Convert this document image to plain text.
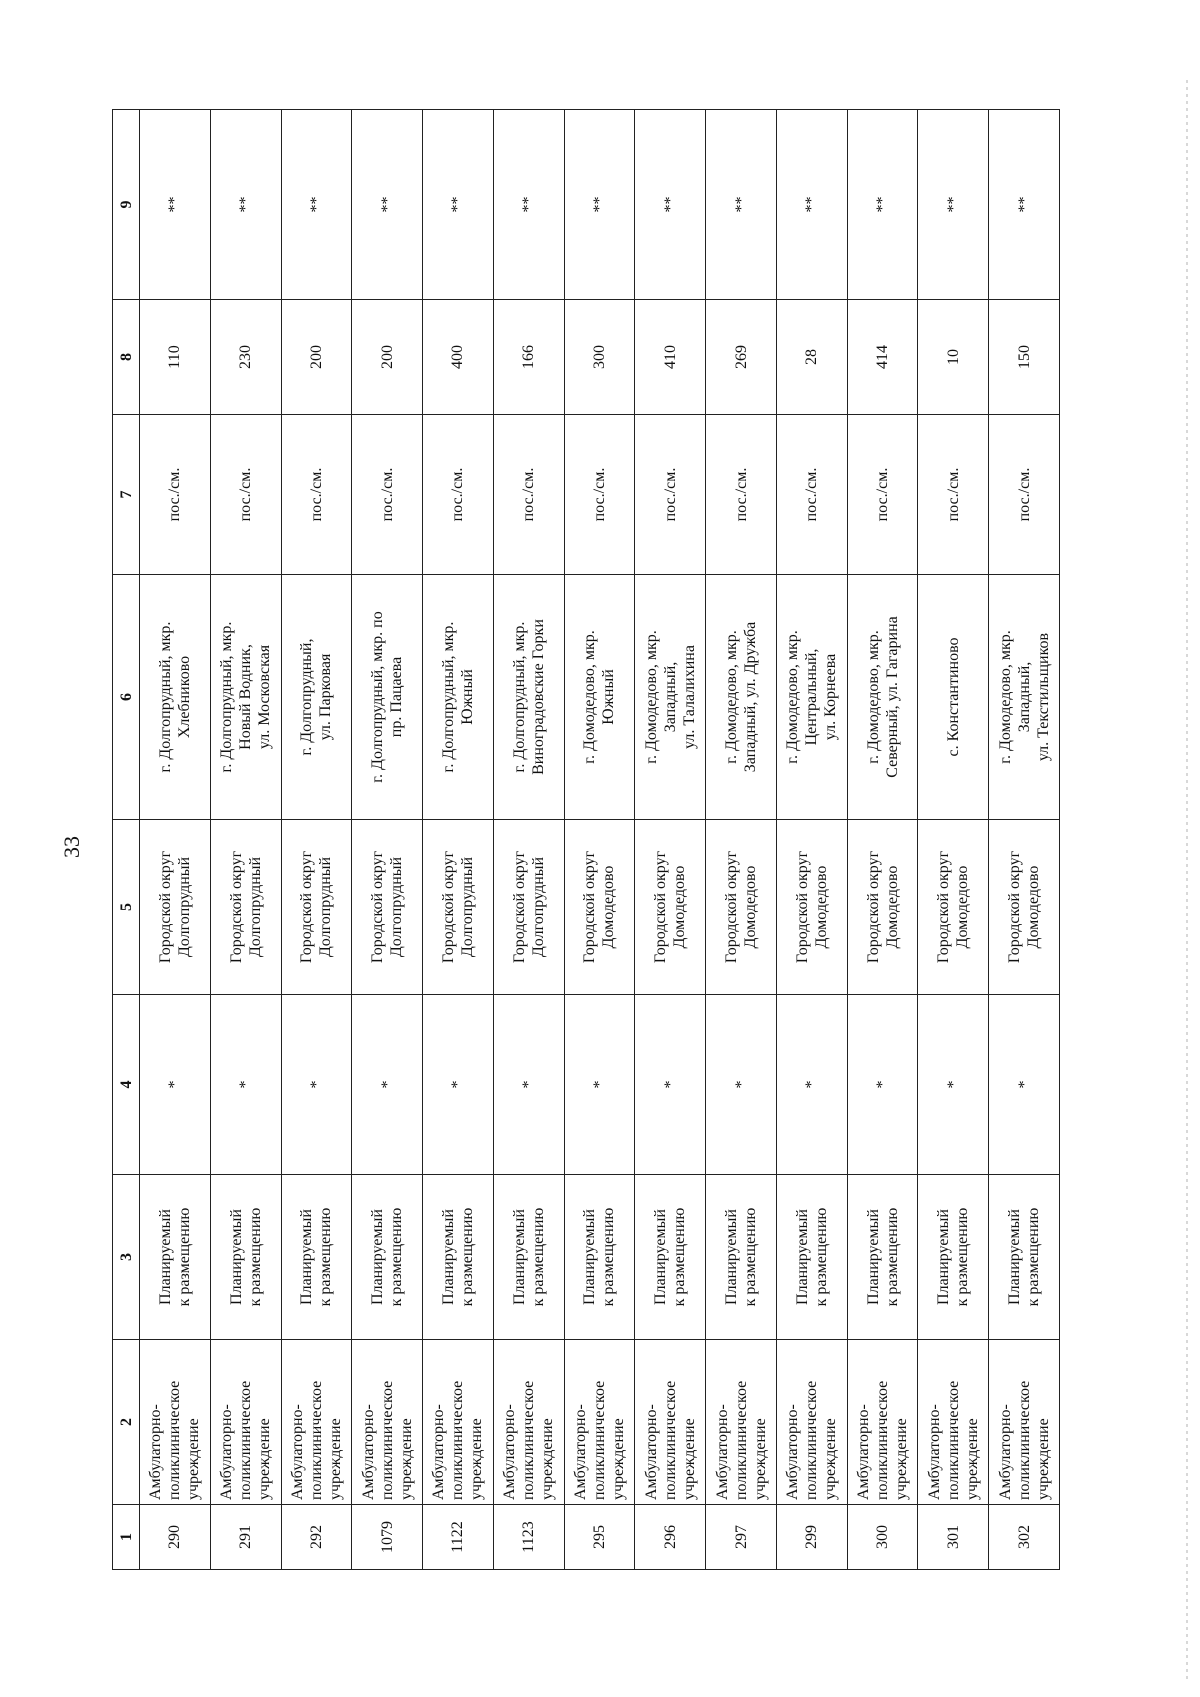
33
1	2	3	4	5	6	7	8	9
290	Амбулаторно-
поликлиническое
учреждение	Планируемый
к размещению	*	Городской округ
Долгопрудный	г. Долгопрудный, мкр.
Хлебниково	пос./см.	110	**
291	Амбулаторно-
поликлиническое
учреждение	Планируемый
к размещению	*	Городской округ
Долгопрудный	г. Долгопрудный, мкр.
Новый Водник,
ул. Московская	пос./см.	230	**
292	Амбулаторно-
поликлиническое
учреждение	Планируемый
к размещению	*	Городской округ
Долгопрудный	г. Долгопрудный,
ул. Парковая	пос./см.	200	**
1079	Амбулаторно-
поликлиническое
учреждение	Планируемый
к размещению	*	Городской округ
Долгопрудный	г. Долгопрудный, мкр. по
пр. Пацаева	пос./см.	200	**
1122	Амбулаторно-
поликлиническое
учреждение	Планируемый
к размещению	*	Городской округ
Долгопрудный	г. Долгопрудный, мкр.
Южный	пос./см.	400	**
1123	Амбулаторно-
поликлиническое
учреждение	Планируемый
к размещению	*	Городской округ
Долгопрудный	г. Долгопрудный, мкр.
Виноградовские Горки	пос./см.	166	**
295	Амбулаторно-
поликлиническое
учреждение	Планируемый
к размещению	*	Городской округ
Домодедово	г. Домодедово, мкр.
Южный	пос./см.	300	**
296	Амбулаторно-
поликлиническое
учреждение	Планируемый
к размещению	*	Городской округ
Домодедово	г. Домодедово, мкр.
Западный,
ул. Талалихина	пос./см.	410	**
297	Амбулаторно-
поликлиническое
учреждение	Планируемый
к размещению	*	Городской округ
Домодедово	г. Домодедово, мкр.
Западный, ул. Дружба	пос./см.	269	**
299	Амбулаторно-
поликлиническое
учреждение	Планируемый
к размещению	*	Городской округ
Домодедово	г. Домодедово, мкр.
Центральный,
ул. Корнеева	пос./см.	28	**
300	Амбулаторно-
поликлиническое
учреждение	Планируемый
к размещению	*	Городской округ
Домодедово	г. Домодедово, мкр.
Северный, ул. Гагарина	пос./см.	414	**
301	Амбулаторно-
поликлиническое
учреждение	Планируемый
к размещению	*	Городской округ
Домодедово	с. Константиново	пос./см.	10	**
302	Амбулаторно-
поликлиническое
учреждение	Планируемый
к размещению	*	Городской округ
Домодедово	г. Домодедово, мкр.
Западный,
ул. Текстильщиков	пос./см.	150	**
